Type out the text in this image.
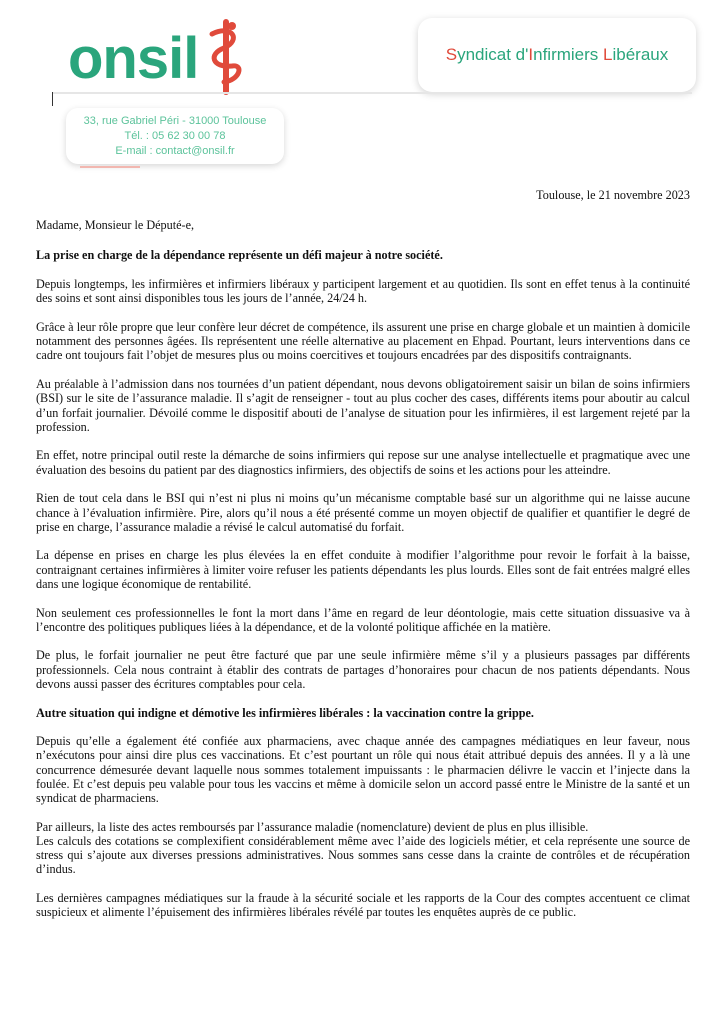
onsil	Syndicat d'Infirmiers Libéraux
33, rue Gabriel Péri - 31000 Toulouse
Tél. : 05 62 30 00 78
E-mail : contact@onsil.fr
Toulouse, le 21 novembre 2023
Madame, Monsieur le Député-e,

La prise en charge de la dépendance représente un défi majeur à notre société.

Depuis longtemps, les infirmières et infirmiers libéraux y participent largement et au quotidien. Ils sont en effet tenus à la continuité des soins et sont ainsi disponibles tous les jours de l’année, 24/24 h.

Grâce à leur rôle propre que leur confère leur décret de compétence, ils assurent une prise en charge globale et un maintien à domicile notamment des personnes âgées. Ils représentent une réelle alternative au placement en Ehpad. Pourtant, leurs interventions dans ce cadre ont toujours fait l’objet de mesures plus ou moins coercitives et toujours encadrées par des dispositifs contraignants.

Au préalable à l’admission dans nos tournées d’un patient dépendant, nous devons obligatoirement saisir un bilan de soins infirmiers (BSI) sur le site de l’assurance maladie. Il s’agit de renseigner - tout au plus cocher des cases, différents items pour aboutir au calcul d’un forfait journalier. Dévoilé comme le dispositif abouti de l’analyse de situation pour les infirmières, il est largement rejeté par la profession.

En effet, notre principal outil reste la démarche de soins infirmiers qui repose sur une analyse intellectuelle et pragmatique avec une évaluation des besoins du patient par des diagnostics infirmiers, des objectifs de soins et les actions pour les atteindre.

Rien de tout cela dans le BSI qui n’est ni plus ni moins qu’un mécanisme comptable basé sur un algorithme qui ne laisse aucune chance à l’évaluation infirmière. Pire, alors qu’il nous a été présenté comme un moyen objectif de qualifier et quantifier le degré de prise en charge, l’assurance maladie a révisé le calcul automatisé du forfait.

La dépense en prises en charge les plus élevées la en effet conduite à modifier l’algorithme pour revoir le forfait à la baisse, contraignant certaines infirmières à limiter voire refuser les patients dépendants les plus lourds. Elles sont de fait entrées malgré elles dans une logique économique de rentabilité.

Non seulement ces professionnelles le font la mort dans l’âme en regard de leur déontologie, mais cette situation dissuasive va à l’encontre des politiques publiques liées à la dépendance, et de la volonté politique affichée en la matière.

De plus, le forfait journalier ne peut être facturé que par une seule infirmière même s’il y a plusieurs passages par différents professionnels. Cela nous contraint à établir des contrats de partages d’honoraires pour chacun de nos patients dépendants. Nous devons aussi passer des écritures comptables pour cela.

Autre situation qui indigne et démotive les infirmières libérales : la vaccination contre la grippe.

Depuis qu’elle a également été confiée aux pharmaciens, avec chaque année des campagnes médiatiques en leur faveur, nous n’exécutons pour ainsi dire plus ces vaccinations. Et c’est pourtant un rôle qui nous était attribué depuis des années. Il y a là une concurrence démesurée devant laquelle nous sommes totalement impuissants : le pharmacien délivre le vaccin et l’injecte dans la foulée. Et c’est depuis peu valable pour tous les vaccins et même à domicile selon un accord passé entre le Ministre de la santé et un syndicat de pharmaciens.

Par ailleurs, la liste des actes remboursés par l’assurance maladie (nomenclature) devient de plus en plus illisible.
Les calculs des cotations se complexifient considérablement même avec l’aide des logiciels métier, et cela représente une source de stress qui s’ajoute aux diverses pressions administratives. Nous sommes sans cesse dans la crainte de contrôles et de récupération d’indus.

Les dernières campagnes médiatiques sur la fraude à la sécurité sociale et les rapports de la Cour des comptes accentuent ce climat suspicieux et alimente l’épuisement des infirmières libérales révélé par toutes les enquêtes auprès de ce public.
